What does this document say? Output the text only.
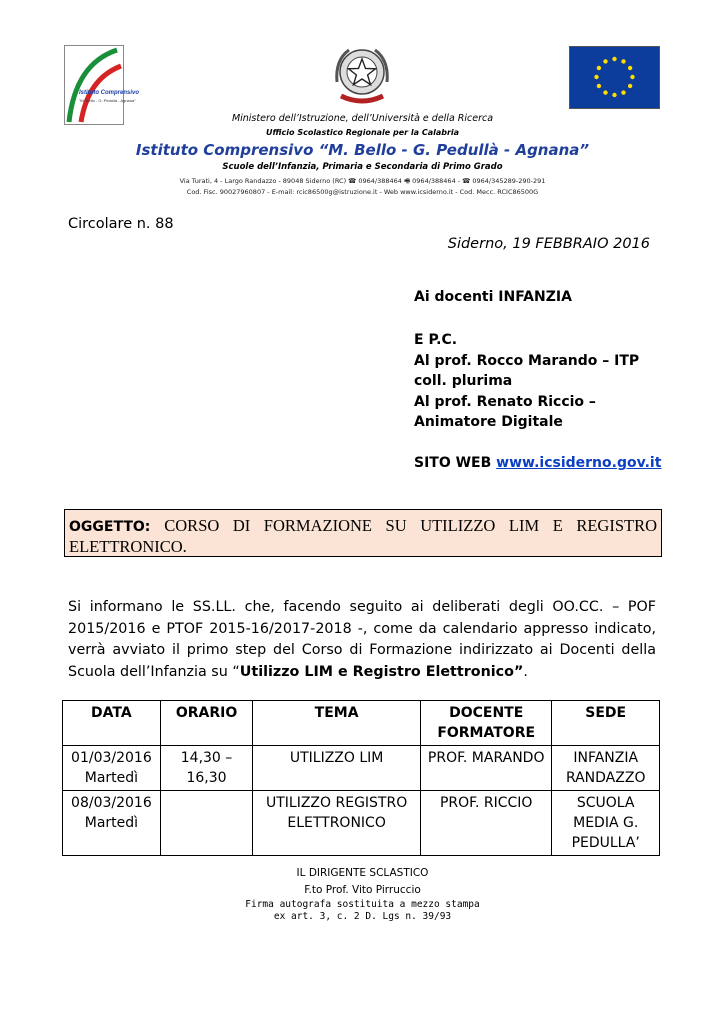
Istituto Comprensivo
"M. Bello - G. Pedullà - Agnana"
Ministero dell’Istruzione, dell’Università e della Ricerca
Ufficio Scolastico Regionale per la Calabria
Istituto Comprensivo “M. Bello - G. Pedullà - Agnana”
Scuole dell’Infanzia, Primaria e Secondaria di Primo Grado
Via Turati, 4 - Largo Randazzo - 89048 Siderno (RC) ☎ 0964/388464 🖷 0964/388464 - ☎ 0964/345289-290-291
Cod. Fisc. 90027960807 - E-mail: rcic86500g@istruzione.it - Web www.icsiderno.it - Cod. Mecc. RCIC86500G
Circolare n. 88
Siderno, 19 FEBBRAIO 2016
Ai docenti INFANZIA
E P.C.
Al prof. Rocco Marando – ITP coll. plurima
Al prof. Renato Riccio – Animatore Digitale
SITO WEB www.icsiderno.gov.it
OGGETTO: CORSO DI FORMAZIONE SU UTILIZZO LIM E REGISTRO
ELETTRONICO.
Si informano le SS.LL. che, facendo seguito ai deliberati degli OO.CC. – POF 2015/2016 e PTOF 2015-16/2017-2018 -, come da calendario appresso indicato, verrà avviato il primo step del Corso di Formazione indirizzato ai Docenti della Scuola dell’Infanzia su “Utilizzo LIM e Registro Elettronico”.
DATA	ORARIO	TEMA	DOCENTE FORMATORE	SEDE
01/03/2016 Martedì	14,30 – 16,30	UTILIZZO LIM	PROF. MARANDO	INFANZIA RANDAZZO
08/03/2016 Martedì		UTILIZZO REGISTRO ELETTRONICO	PROF. RICCIO	SCUOLA MEDIA G. PEDULLA’
IL DIRIGENTE SCLASTICO
F.to Prof. Vito Pirruccio
Firma autografa sostituita a mezzo stampa
ex art. 3, c. 2 D. Lgs n. 39/93
